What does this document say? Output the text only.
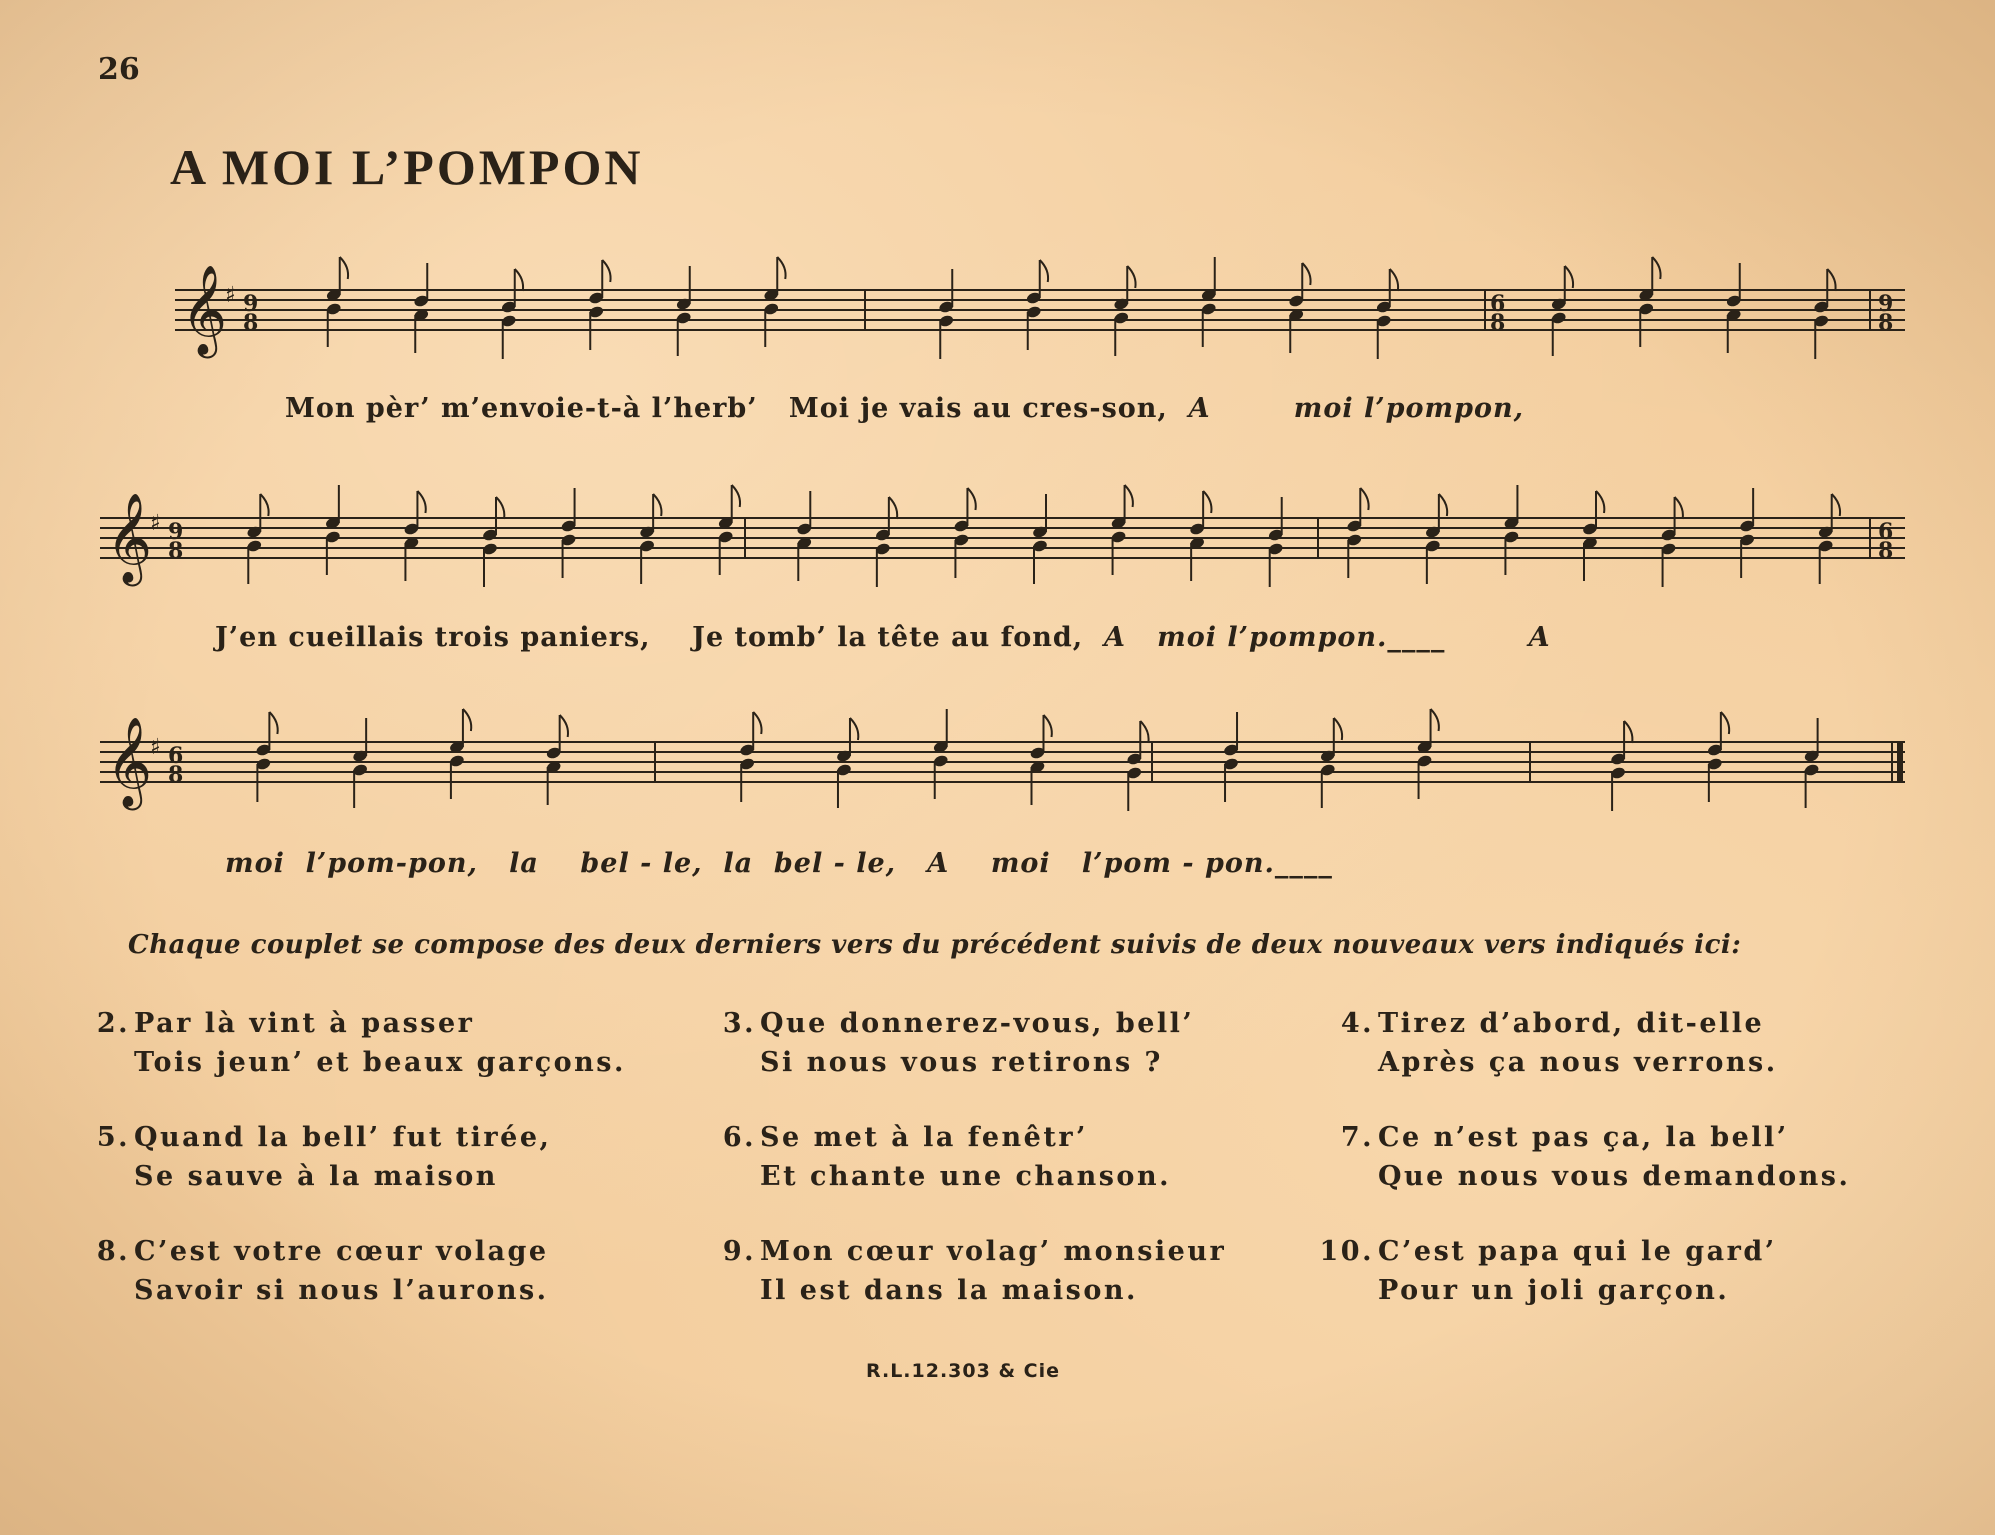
26
A MOI L’POMPON
𝄞
♯ 9
8
6
8
9
8
𝄞
♯ 9
8
6
8
𝄞
♯ 6
8
Mon pèr’ m’envoie-t-à l’herb’   Moi je vais au cres-son, A        moi l’pompon,
J’en cueillais trois paniers,    Je tomb’ la tête au fond, A   moi l’pompon.____        A
moi  l’pom-pon,   la    bel - le,  la  bel - le,   A    moi   l’pom - pon.____
Chaque couplet se compose des deux derniers vers du précédent suivis de deux nouveaux vers indiqués ici:
2. Par là vint à passer
Tois jeun’ et beaux garçons.
3. Que donnerez-vous, bell’
Si nous vous retirons ?
4. Tirez d’abord, dit-elle
Après ça nous verrons.
5. Quand la bell’ fut tirée,
Se sauve à la maison
6. Se met à la fenêtr’
Et chante une chanson.
7. Ce n’est pas ça, la bell’
Que nous vous demandons.
8. C’est votre cœur volage
Savoir si nous l’aurons.
9. Mon cœur volag’ monsieur
Il est dans la maison.
10. C’est papa qui le gard’
Pour un joli garçon.
R.L.12.303 & Cie
